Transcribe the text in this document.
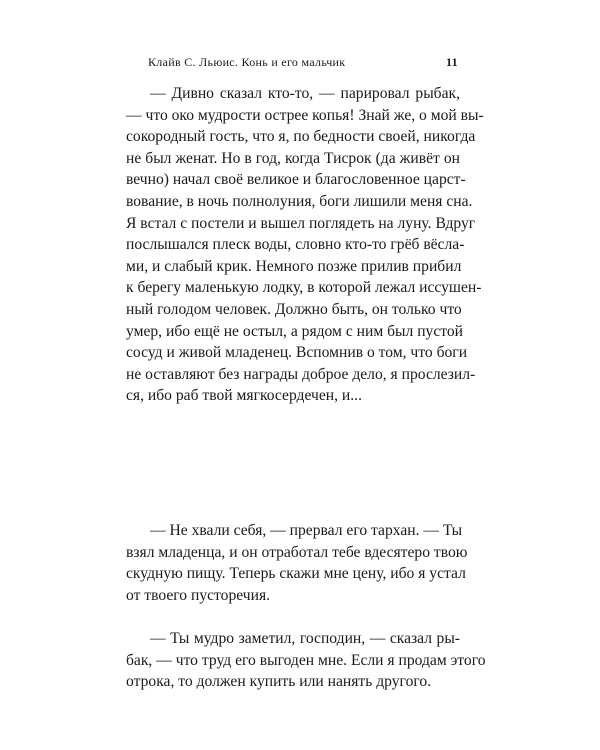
Клайв С. Льюис. Конь и его мальчик	11
— Дивно сказал кто-то, — парировал рыбак,
— что око мудрости острее копья! Знай же, о мой вы-
сокородный гость, что я, по бедности своей, никогда
не был женат. Но в год, когда Тисрок (да живёт он
вечно) начал своё великое и благословенное царст-
вование, в ночь полнолуния, боги лишили меня сна.
Я встал с постели и вышел поглядеть на луну. Вдруг
послышался плеск воды, словно кто-то грёб вёсла-
ми, и слабый крик. Немного позже прилив прибил
к берегу маленькую лодку, в которой лежал иссушен-
ный голодом человек. Должно быть, он только что
умер, ибо ещё не остыл, а рядом с ним был пустой
сосуд и живой младенец. Вспомнив о том, что боги
не оставляют без награды доброе дело, я прослезил-
ся, ибо раб твой мягкосердечен, и...
— Не хвали себя, — прервал его тархан. — Ты
взял младенца, и он отработал тебе вдесятеро твою
скудную пищу. Теперь скажи мне цену, ибо я устал
от твоего пусторечия.
— Ты мудро заметил, господин, — сказал ры-
бак, — что труд его выгоден мне. Если я продам этого
отрока, то должен купить или нанять другого.
